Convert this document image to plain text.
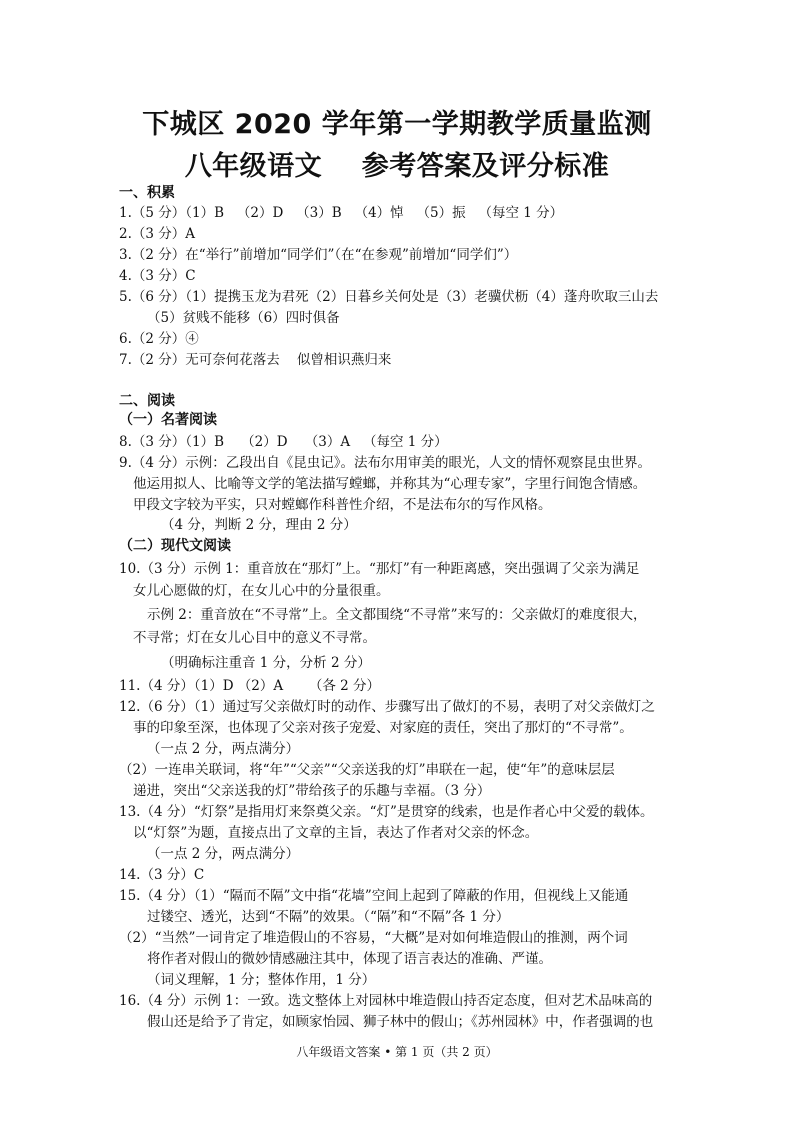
下城区 2020 学年第一学期教学质量监测
八年级语文    参考答案及评分标准
一、积累
1.（5 分）（1）B   （2）D   （3）B   （4）悼   （5）振   （每空 1 分）
2.（3 分）A
3.（2 分）在“举行”前增加“同学们”（在“在参观”前增加“同学们”）
4.（3 分）C
5.（6 分）（1）提携玉龙为君死（2）日暮乡关何处是（3）老骥伏枥（4）蓬舟吹取三山去
（5）贫贱不能移（6）四时俱备
6.（2 分）④
7.（2 分）无可奈何花落去    似曾相识燕归来
二、阅读
（一）名著阅读
8.（3 分）（1）B    （2）D    （3）A   （每空 1 分）
9.（4 分）示例：乙段出自《昆虫记》。法布尔用审美的眼光，人文的情怀观察昆虫世界。
他运用拟人、比喻等文学的笔法描写螳螂，并称其为“心理专家”，字里行间饱含情感。
甲段文字较为平实，只对螳螂作科普性介绍，不是法布尔的写作风格。
（4 分，判断 2 分，理由 2 分）
（二）现代文阅读
10.（3 分）示例 1：重音放在“那灯”上。“那灯”有一种距离感，突出强调了父亲为满足
女儿心愿做的灯，在女儿心中的分量很重。
示例 2：重音放在“不寻常”上。全文都围绕“不寻常”来写的：父亲做灯的难度很大，
不寻常；灯在女儿心目中的意义不寻常。
（明确标注重音 1 分，分析 2 分）
11.（4 分）（1）D （2）A      （各 2 分）
12.（6 分）（1）通过写父亲做灯时的动作、步骤写出了做灯的不易，表明了对父亲做灯之
事的印象至深，也体现了父亲对孩子宠爱、对家庭的责任，突出了那灯的“不寻常”。
（一点 2 分，两点满分）
（2）一连串关联词，将“年”“父亲”“父亲送我的灯”串联在一起，使“年”的意味层层
递进，突出“父亲送我的灯”带给孩子的乐趣与幸福。（3 分）
13.（4 分）“灯祭”是指用灯来祭奠父亲。“灯”是贯穿的线索，也是作者心中父爱的载体。
以“灯祭”为题，直接点出了文章的主旨，表达了作者对父亲的怀念。
（一点 2 分，两点满分）
14.（3 分）C
15.（4 分）（1）“隔而不隔”文中指“花墙”空间上起到了障蔽的作用，但视线上又能通
过镂空、透光，达到“不隔”的效果。（“隔”和“不隔”各 1 分）
（2）“当然”一词肯定了堆造假山的不容易，“大概”是对如何堆造假山的推测，两个词
将作者对假山的微妙情感融注其中，体现了语言表达的准确、严谨。
（词义理解，1 分；整体作用，1 分）
16.（4 分）示例 1：一致。选文整体上对园林中堆造假山持否定态度，但对艺术品味高的
假山还是给予了肯定，如顾家怡园、狮子林中的假山；《苏州园林》中，作者强调的也
八年级语文答案 • 第 1 页（共 2 页）
